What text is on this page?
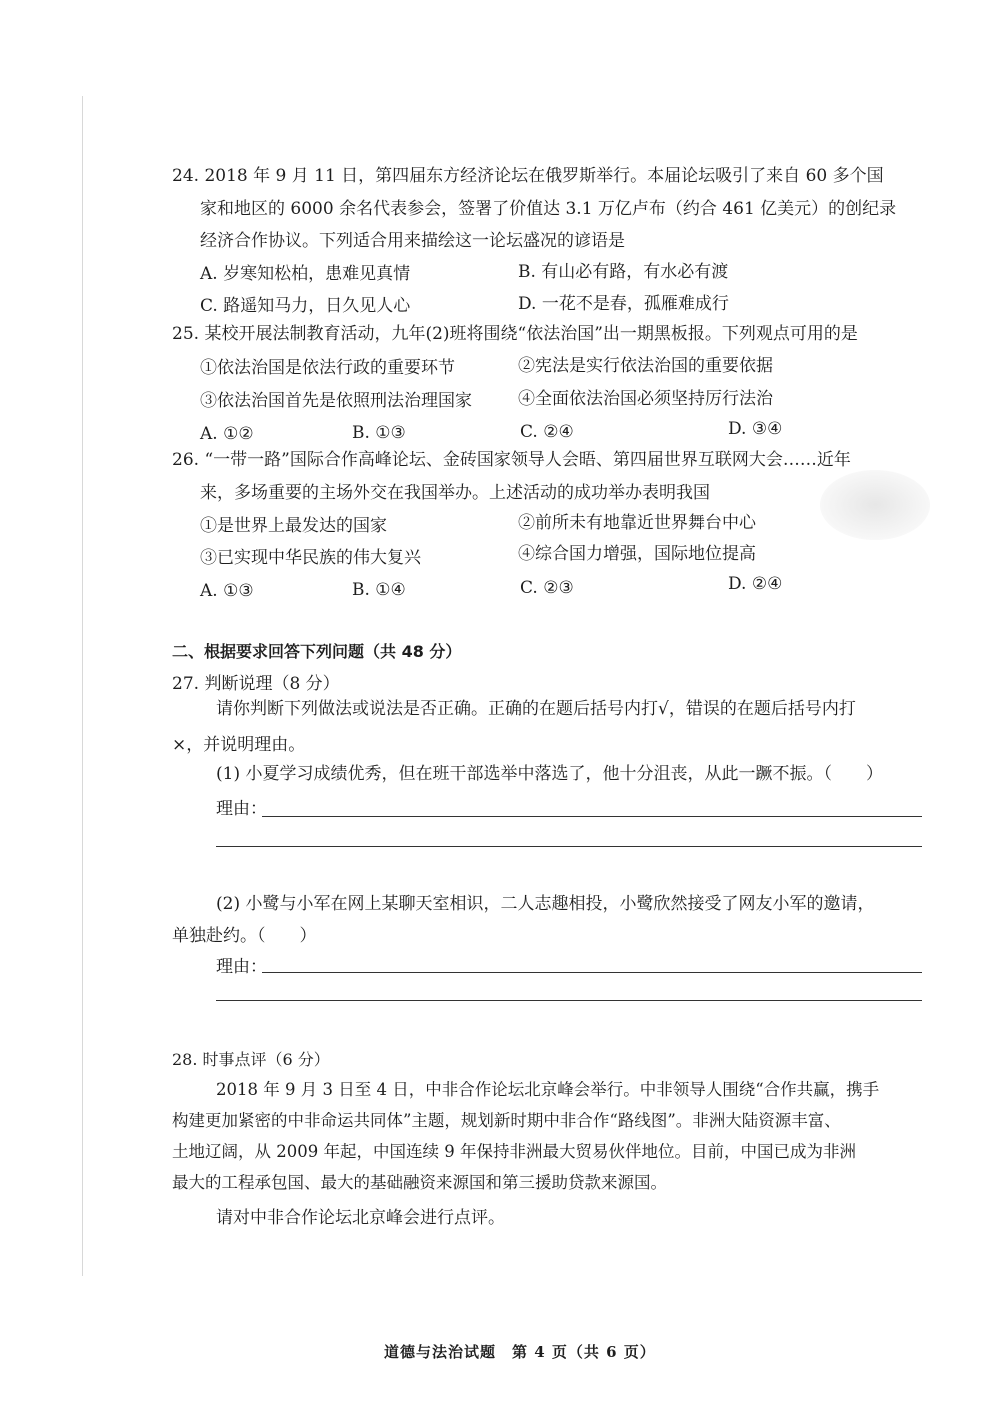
24. 2018 年 9 月 11 日，第四届东方经济论坛在俄罗斯举行。本届论坛吸引了来自 60 多个国
家和地区的 6000 余名代表参会，签署了价值达 3.1 万亿卢布（约合 461 亿美元）的创纪录
经济合作协议。下列适合用来描绘这一论坛盛况的谚语是
A. 岁寒知松柏，患难见真情	B. 有山必有路，有水必有渡
C. 路遥知马力，日久见人心	D. 一花不是春，孤雁难成行
25. 某校开展法制教育活动，九年(2)班将围绕“依法治国”出一期黑板报。下列观点可用的是
①依法治国是依法行政的重要环节	②宪法是实行依法治国的重要依据
③依法治国首先是依照刑法治理国家	④全面依法治国必须坚持厉行法治
A. ①②	B. ①③	C. ②④	D. ③④
26. “一带一路”国际合作高峰论坛、金砖国家领导人会晤、第四届世界互联网大会……近年
来，多场重要的主场外交在我国举办。上述活动的成功举办表明我国
①是世界上最发达的国家	②前所未有地靠近世界舞台中心
③已实现中华民族的伟大复兴	④综合国力增强，国际地位提高
A. ①③	B. ①④	C. ②③	D. ②④
二、根据要求回答下列问题（共 48 分）
27. 判断说理（8 分）
请你判断下列做法或说法是否正确。正确的在题后括号内打√，错误的在题后括号内打
×，并说明理由。
(1) 小夏学习成绩优秀，但在班干部选举中落选了，他十分沮丧，从此一蹶不振。（　　）
理由：
(2) 小鹭与小军在网上某聊天室相识，二人志趣相投，小鹭欣然接受了网友小军的邀请，
单独赴约。（　　）
理由：
28. 时事点评（6 分）
2018 年 9 月 3 日至 4 日，中非合作论坛北京峰会举行。中非领导人围绕“合作共赢，携手
构建更加紧密的中非命运共同体”主题，规划新时期中非合作“路线图”。非洲大陆资源丰富、
土地辽阔，从 2009 年起，中国连续 9 年保持非洲最大贸易伙伴地位。目前，中国已成为非洲
最大的工程承包国、最大的基础融资来源国和第三援助贷款来源国。
请对中非合作论坛北京峰会进行点评。
道德与法治试题　第 4 页（共 6 页）
